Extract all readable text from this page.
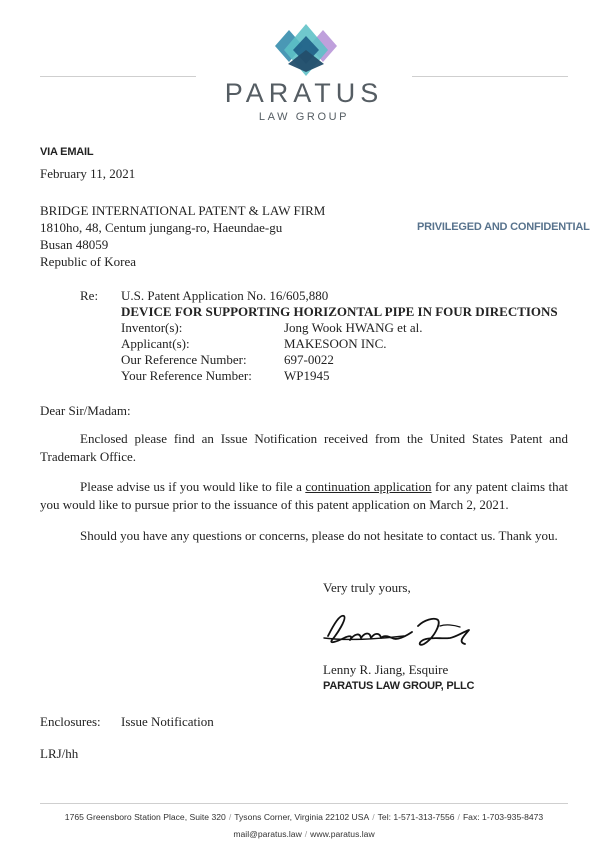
PARATUS
LAW GROUP
VIA EMAIL
February 11, 2021
BRIDGE INTERNATIONAL PATENT & LAW FIRM
1810ho, 48, Centum jungang-ro, Haeundae-gu
Busan 48059
Republic of Korea
PRIVILEGED AND CONFIDENTIAL
Re: U.S. Patent Application No. 16/605,880
DEVICE FOR SUPPORTING HORIZONTAL PIPE IN FOUR DIRECTIONS
Inventor(s):	Jong Wook HWANG et al.
Applicant(s):	MAKESOON INC.
Our Reference Number:	697-0022
Your Reference Number: WP1945
Dear Sir/Madam:
Enclosed please find an Issue Notification received from the United States Patent and Trademark Office.
Please advise us if you would like to file a continuation application for any patent claims that you would like to pursue prior to the issuance of this patent application on March 2, 2021.
Should you have any questions or concerns, please do not hesitate to contact us. Thank you.
Very truly yours,
Lenny R. Jiang, Esquire
PARATUS LAW GROUP, PLLC
Enclosures: Issue Notification
LRJ/hh
1765 Greensboro Station Place, Suite 320 / Tysons Corner, Virginia 22102 USA / Tel: 1-571-313-7556 / Fax: 1-703-935-8473
mail@paratus.law / www.paratus.law
